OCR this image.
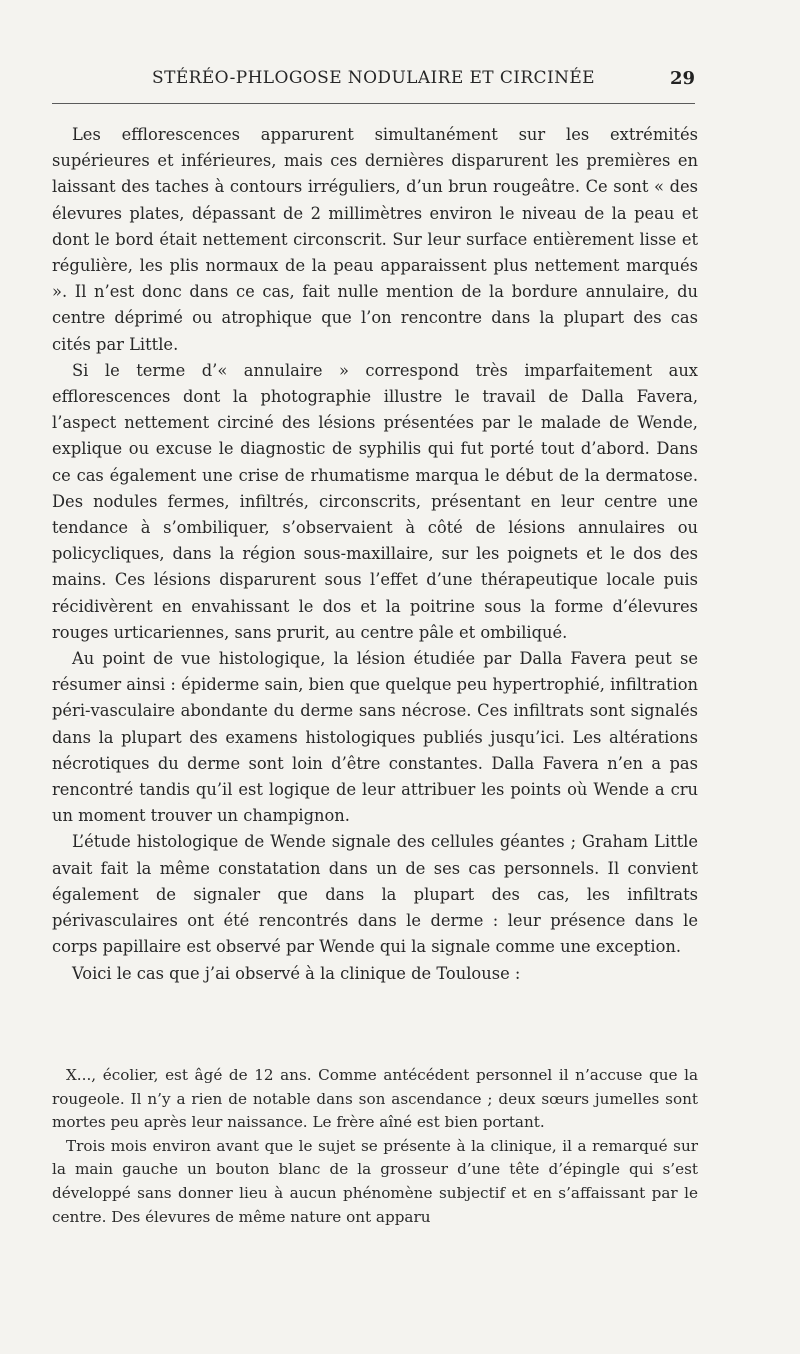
STÉRÉO-PHLOGOSE NODULAIRE ET CIRCINÉE	29

Les efflorescences apparurent simultanément sur les extrémités supérieures et inférieures, mais ces dernières disparurent les premières en laissant des taches à contours irréguliers, d’un brun rougeâtre. Ce sont « des élevures plates, dépassant de 2 millimètres environ le niveau de la peau et dont le bord était nettement circonscrit. Sur leur surface entièrement lisse et régulière, les plis normaux de la peau apparaissent plus nettement marqués ». Il n’est donc dans ce cas, fait nulle mention de la bordure annulaire, du centre déprimé ou atrophique que l’on rencontre dans la plupart des cas cités par Little.

Si le terme d’« annulaire » correspond très imparfaitement aux efflorescences dont la photographie illustre le travail de Dalla Favera, l’aspect nettement circiné des lésions présentées par le malade de Wende, explique ou excuse le diagnostic de syphilis qui fut porté tout d’abord. Dans ce cas également une crise de rhumatisme marqua le début de la dermatose. Des nodules fermes, infiltrés, circonscrits, présentant en leur centre une tendance à s’ombiliquer, s’observaient à côté de lésions annulaires ou policycliques, dans la région sous-maxillaire, sur les poignets et le dos des mains. Ces lésions disparurent sous l’effet d’une thérapeutique locale puis récidivèrent en envahissant le dos et la poitrine sous la forme d’élevures rouges urticariennes, sans prurit, au centre pâle et ombiliqué.

Au point de vue histologique, la lésion étudiée par Dalla Favera peut se résumer ainsi : épiderme sain, bien que quelque peu hypertrophié, infiltration péri-vasculaire abondante du derme sans nécrose. Ces infiltrats sont signalés dans la plupart des examens histologiques publiés jusqu’ici. Les altérations nécrotiques du derme sont loin d’être constantes. Dalla Favera n’en a pas rencontré tandis qu’il est logique de leur attribuer les points où Wende a cru un moment trouver un champignon.

L’étude histologique de Wende signale des cellules géantes ; Graham Little avait fait la même constatation dans un de ses cas personnels. Il convient également de signaler que dans la plupart des cas, les infiltrats périvasculaires ont été rencontrés dans le derme : leur présence dans le corps papillaire est observé par Wende qui la signale comme une exception.

Voici le cas que j’ai observé à la clinique de Toulouse :

X..., écolier, est âgé de 12 ans. Comme antécédent personnel il n’accuse que la rougeole. Il n’y a rien de notable dans son ascendance ; deux sœurs jumelles sont mortes peu après leur naissance. Le frère aîné est bien portant.

Trois mois environ avant que le sujet se présente à la clinique, il a remarqué sur la main gauche un bouton blanc de la grosseur d’une tête d’épingle qui s’est développé sans donner lieu à aucun phénomène subjectif et en s’affaissant par le centre. Des élevures de même nature ont apparu
